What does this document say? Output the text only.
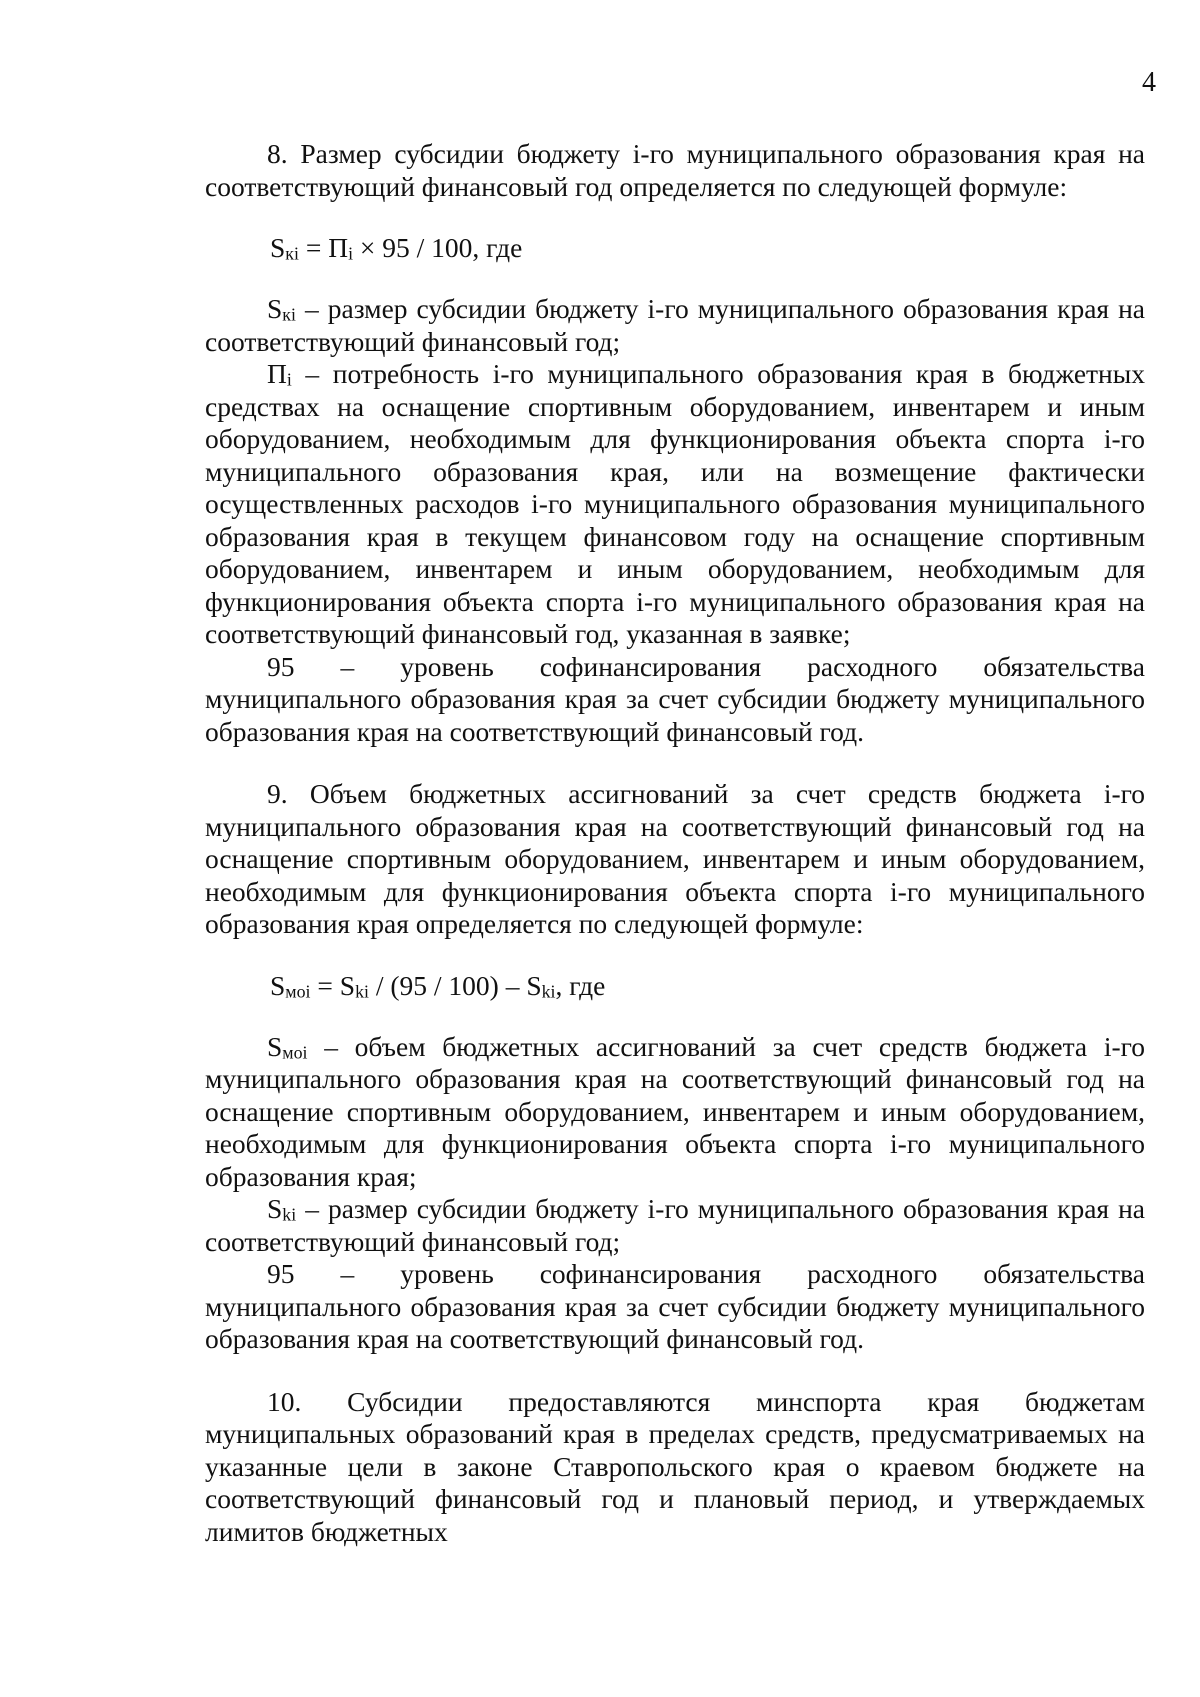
4

8. Размер субсидии бюджету i-го муниципального образования края на соответствующий финансовый год определяется по следующей формуле:

$S_{кi} = П_i \times 95 / 100$, где

$S_{кi}$ – размер субсидии бюджету i-го муниципального образования края на соответствующий финансовый год;

$П_i$ – потребность i-го муниципального образования края в бюджетных средствах на оснащение спортивным оборудованием, инвентарем и иным оборудованием, необходимым для функционирования объекта спорта i-го муниципального образования края, или на возмещение фактически осуществленных расходов i-го муниципального образования муниципального образования края в текущем финансовом году на оснащение спортивным оборудованием, инвентарем и иным оборудованием, необходимым для функционирования объекта спорта i-го муниципального образования края на соответствующий финансовый год, указанная в заявке;

95 – уровень софинансирования расходного обязательства муниципального образования края за счет субсидии бюджету муниципального образования края на соответствующий финансовый год.

9. Объем бюджетных ассигнований за счет средств бюджета i-го муниципального образования края на соответствующий финансовый год на оснащение спортивным оборудованием, инвентарем и иным оборудованием, необходимым для функционирования объекта спорта i-го муниципального образования края определяется по следующей формуле:

$S_{мoi} = S_{ki} / (95 / 100) - S_{ki}$, где

$S_{мoi}$ – объем бюджетных ассигнований за счет средств бюджета i-го муниципального образования края на соответствующий финансовый год на оснащение спортивным оборудованием, инвентарем и иным оборудованием, необходимым для функционирования объекта спорта i-го муниципального образования края;

$S_{ki}$ – размер субсидии бюджету i-го муниципального образования края на соответствующий финансовый год;

95 – уровень софинансирования расходного обязательства муниципального образования края за счет субсидии бюджету муниципального образования края на соответствующий финансовый год.

10. Субсидии предоставляются минспорта края бюджетам муниципальных образований края в пределах средств, предусматриваемых на указанные цели в законе Ставропольского края о краевом бюджете на соответствующий финансовый год и плановый период, и утверждаемых лимитов бюджетных
